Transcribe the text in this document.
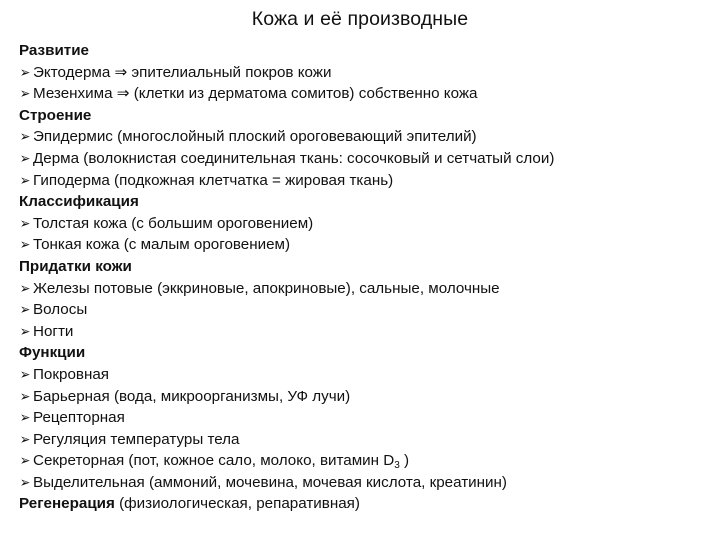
Кожа и её производные
Развитие
➢ Эктодерма ⇒ эпителиальный покров кожи
➢ Мезенхима ⇒ (клетки из дерматома сомитов) собственно кожа
Строение
➢ Эпидермис (многослойный плоский ороговевающий эпителий)
➢ Дерма (волокнистая соединительная ткань: сосочковый и сетчатый слои)
➢ Гиподерма (подкожная клетчатка = жировая ткань)
Классификация
➢ Толстая кожа (с большим ороговением)
➢ Тонкая кожа (с малым ороговением)
Придатки кожи
➢ Железы потовые (эккриновые, апокриновые), сальные, молочные
➢ Волосы
➢ Ногти
Функции
➢ Покровная
➢ Барьерная (вода, микроорганизмы, УФ лучи)
➢ Рецепторная
➢ Регуляция температуры тела
➢ Секреторная (пот, кожное сало, молоко, витамин $D_3$ )
➢ Выделительная (аммоний, мочевина, мочевая кислота, креатинин)
Регенерация (физиологическая, репаративная)
